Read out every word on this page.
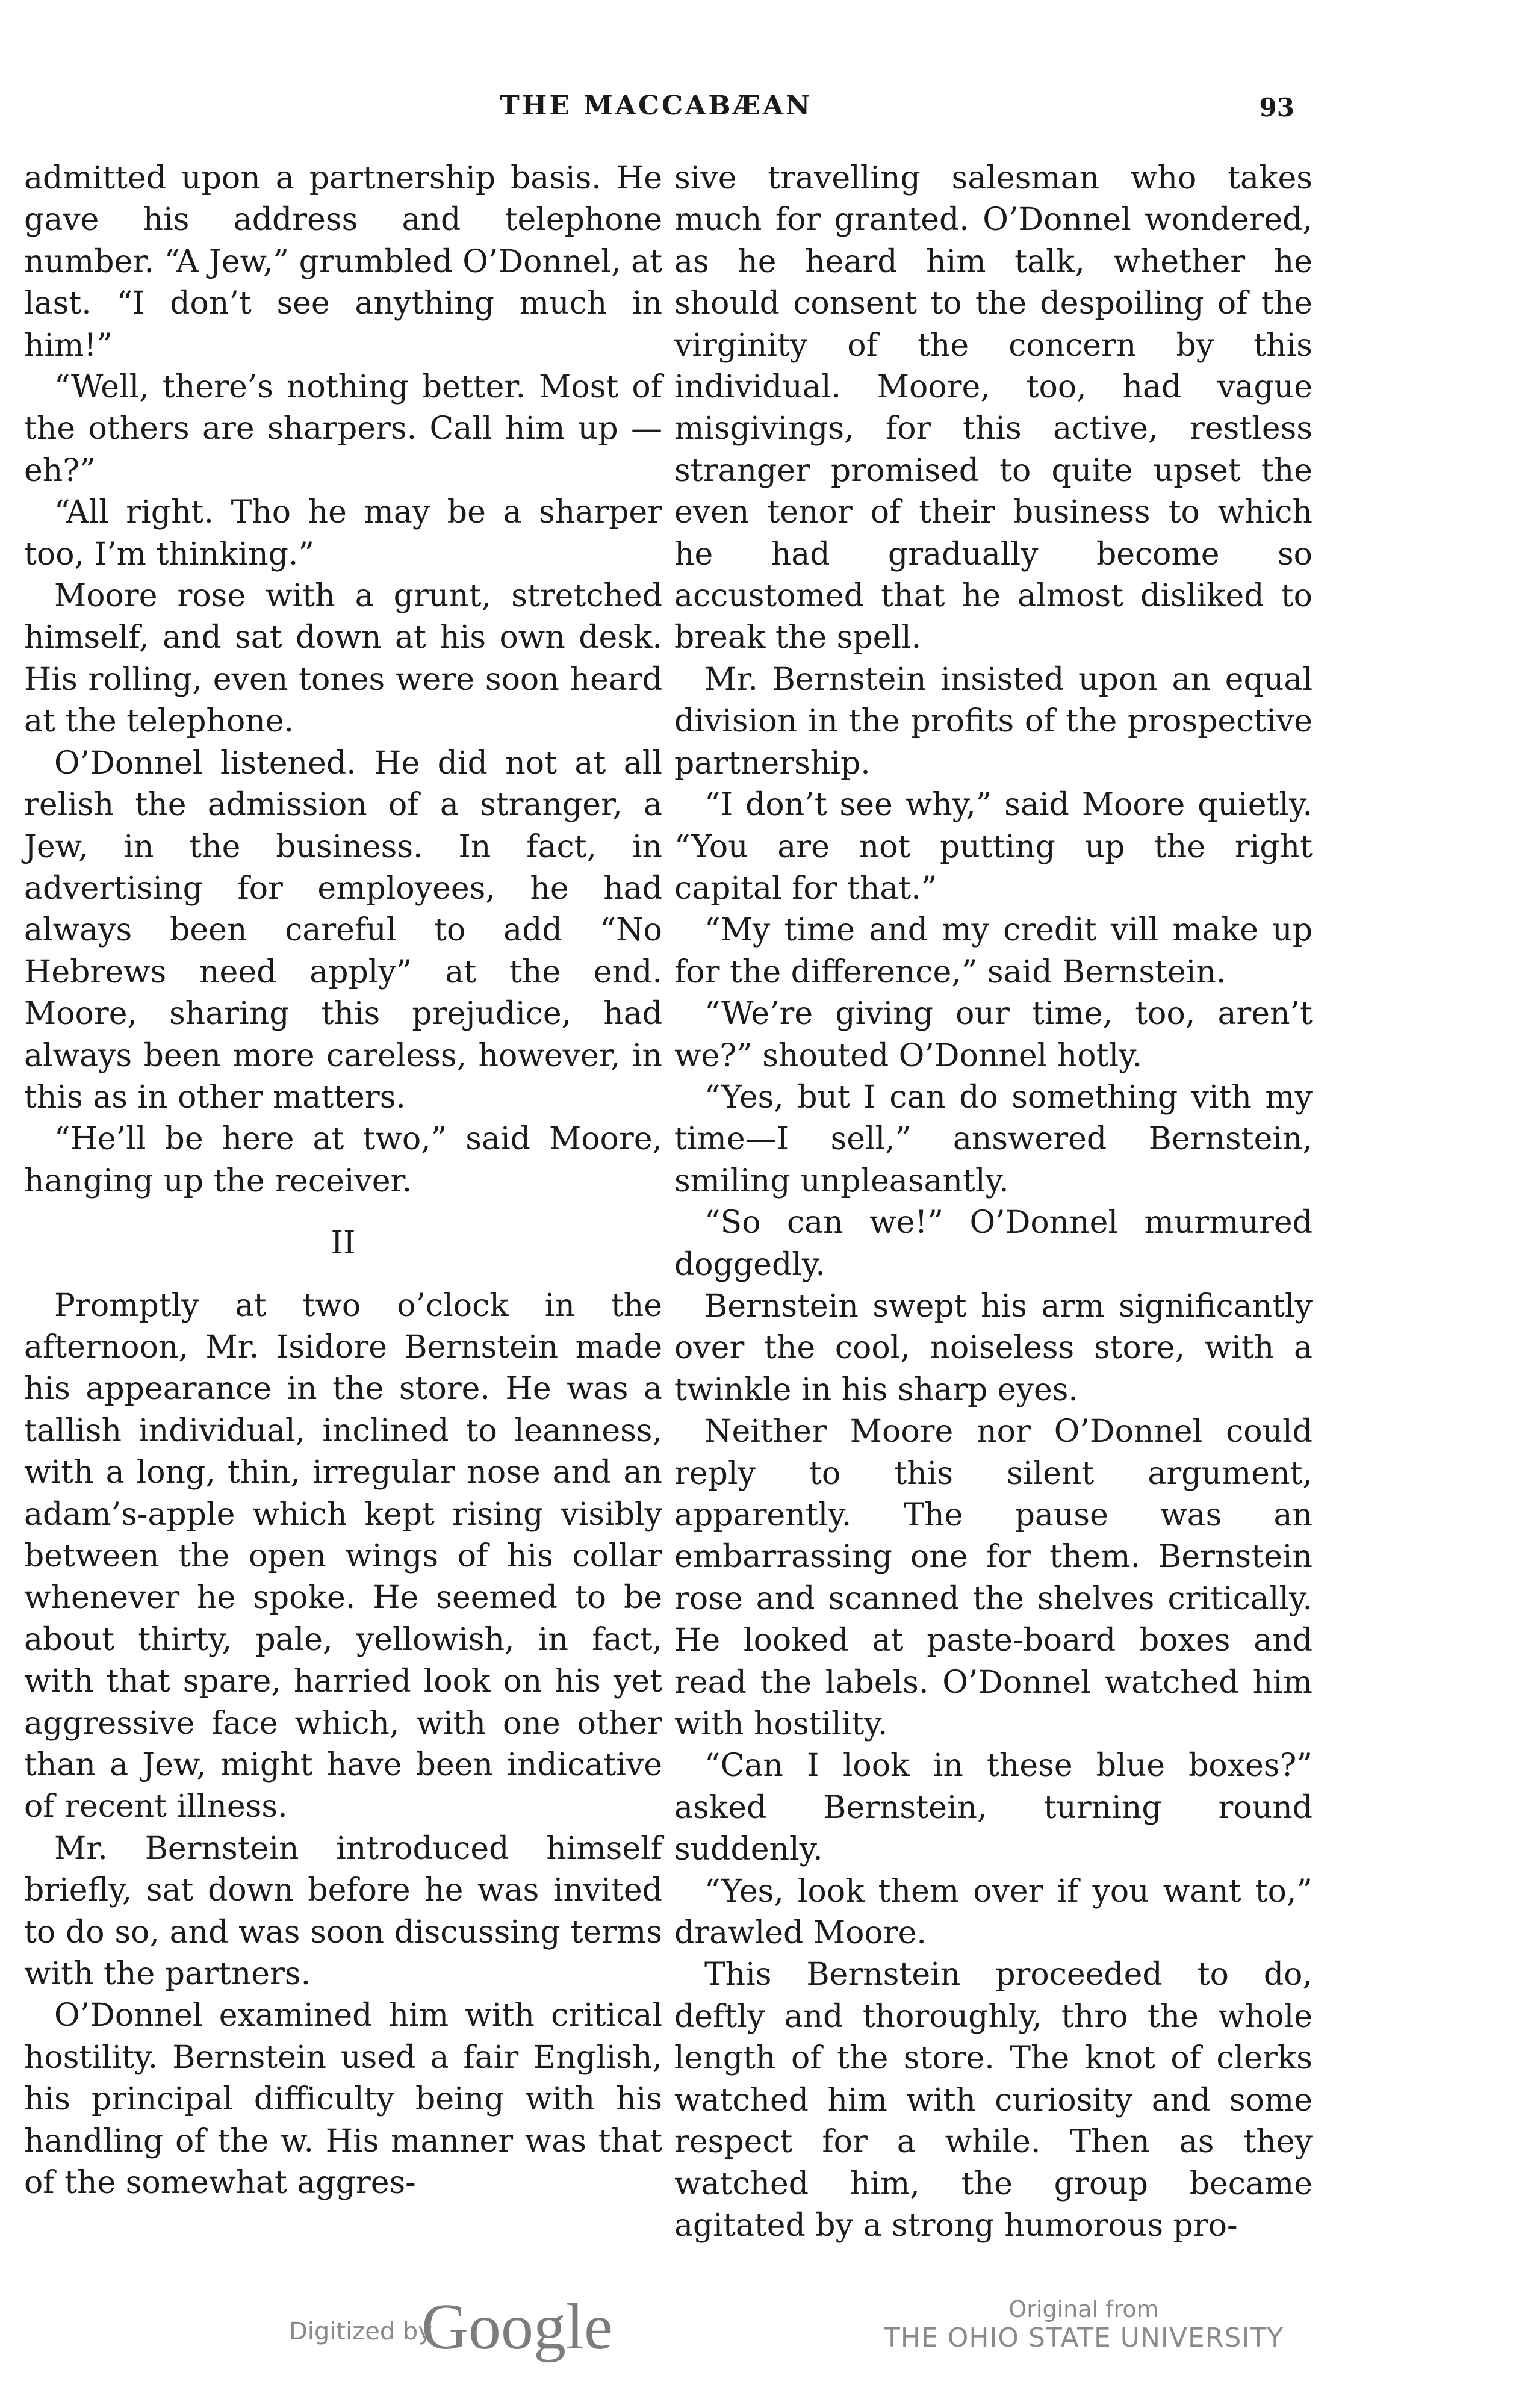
THE MACCABÆAN	93

admitted upon a partnership basis. He gave his address and telephone number. “A Jew,” grumbled O’Donnel, at last. “I don’t see anything much in him!”

“Well, there’s nothing better. Most of the others are sharpers. Call him up —eh?”

“All right. Tho he may be a sharper too, I’m thinking.”

Moore rose with a grunt, stretched himself, and sat down at his own desk. His rolling, even tones were soon heard at the telephone.

O’Donnel listened. He did not at all relish the admission of a stranger, a Jew, in the business. In fact, in advertising for employees, he had always been careful to add “No Hebrews need apply” at the end. Moore, sharing this prejudice, had always been more careless, however, in this as in other matters.

“He’ll be here at two,” said Moore, hanging up the receiver.

II

Promptly at two o’clock in the afternoon, Mr. Isidore Bernstein made his appearance in the store. He was a tallish individual, inclined to leanness, with a long, thin, irregular nose and an adam’s-apple which kept rising visibly between the open wings of his collar whenever he spoke. He seemed to be about thirty, pale, yellowish, in fact, with that spare, harried look on his yet aggressive face which, with one other than a Jew, might have been indicative of recent illness.

Mr. Bernstein introduced himself briefly, sat down before he was invited to do so, and was soon discussing terms with the partners.

O’Donnel examined him with critical hostility. Bernstein used a fair English, his principal difficulty being with his handling of the w. His manner was that of the somewhat aggres-

sive travelling salesman who takes much for granted. O’Donnel wondered, as he heard him talk, whether he should consent to the despoiling of the virginity of the concern by this individual. Moore, too, had vague misgivings, for this active, restless stranger promised to quite upset the even tenor of their business to which he had gradually become so accustomed that he almost disliked to break the spell.

Mr. Bernstein insisted upon an equal division in the profits of the prospective partnership.

“I don’t see why,” said Moore quietly. “You are not putting up the right capital for that.”

“My time and my credit vill make up for the difference,” said Bernstein.

“We’re giving our time, too, aren’t we?” shouted O’Donnel hotly.

“Yes, but I can do something vith my time—I sell,” answered Bernstein, smiling unpleasantly.

“So can we!” O’Donnel murmured doggedly.

Bernstein swept his arm significantly over the cool, noiseless store, with a twinkle in his sharp eyes.

Neither Moore nor O’Donnel could reply to this silent argument, apparently. The pause was an embarrassing one for them. Bernstein rose and scanned the shelves critically. He looked at paste-board boxes and read the labels. O’Donnel watched him with hostility.

“Can I look in these blue boxes?” asked Bernstein, turning round suddenly.

“Yes, look them over if you want to,” drawled Moore.

This Bernstein proceeded to do, deftly and thoroughly, thro the whole length of the store. The knot of clerks watched him with curiosity and some respect for a while. Then as they watched him, the group became agitated by a strong humorous pro-

Digitized by
Google	Original from
THE OHIO STATE UNIVERSITY
